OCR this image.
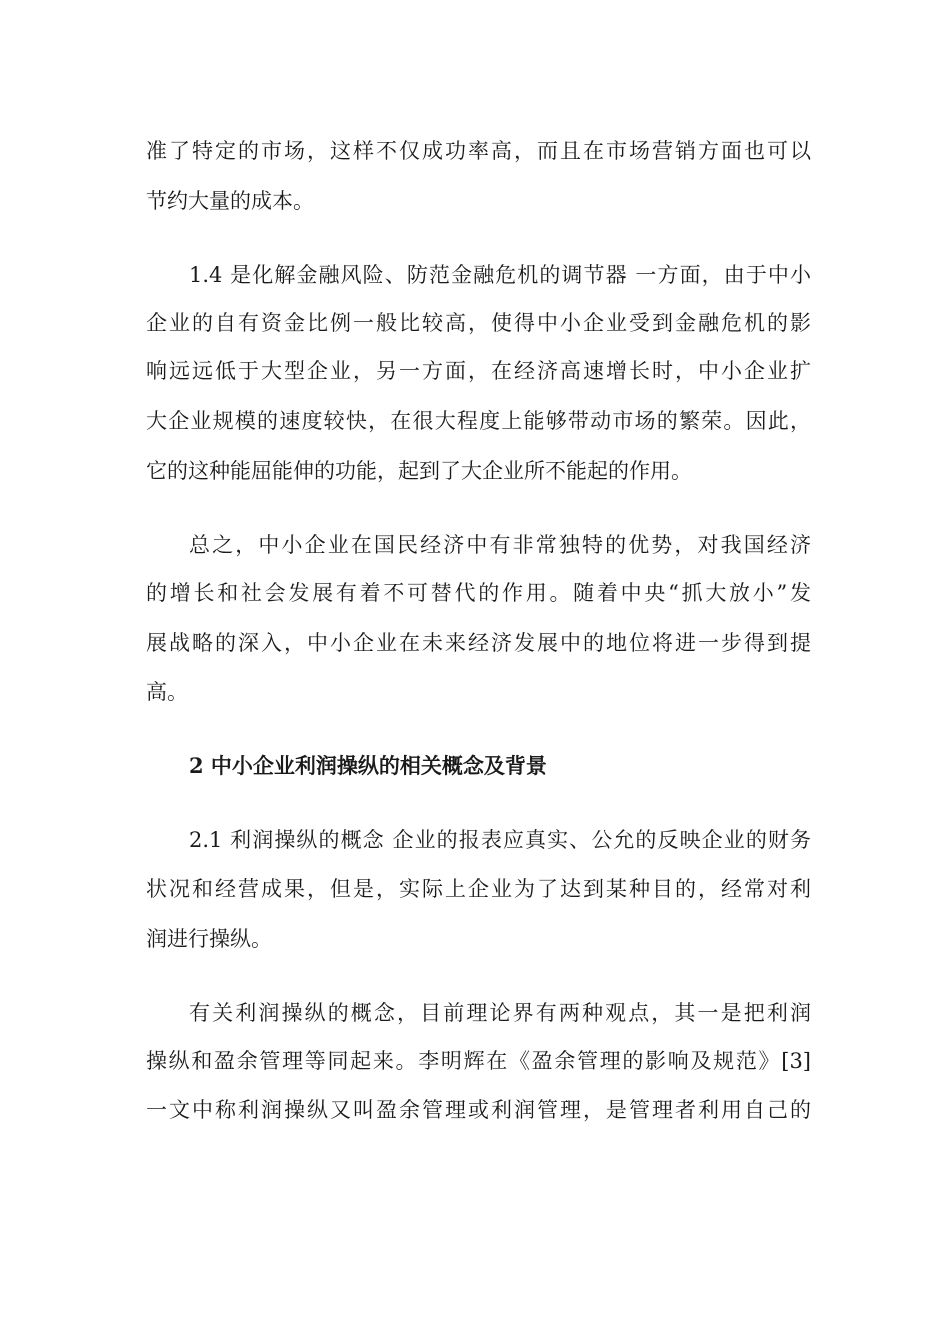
准了特定的市场，这样不仅成功率高，而且在市场营销方面也可以
节约大量的成本。
1.4 是化解金融风险、防范金融危机的调节器 一方面，由于中小
企业的自有资金比例一般比较高，使得中小企业受到金融危机的影
响远远低于大型企业，另一方面，在经济高速增长时，中小企业扩
大企业规模的速度较快，在很大程度上能够带动市场的繁荣。因此，
它的这种能屈能伸的功能，起到了大企业所不能起的作用。
总之，中小企业在国民经济中有非常独特的优势，对我国经济
的增长和社会发展有着不可替代的作用。随着中央“抓大放小”发
展战略的深入，中小企业在未来经济发展中的地位将进一步得到提
高。
2 中小企业利润操纵的相关概念及背景
2.1 利润操纵的概念 企业的报表应真实、公允的反映企业的财务
状况和经营成果，但是，实际上企业为了达到某种目的，经常对利
润进行操纵。
有关利润操纵的概念，目前理论界有两种观点，其一是把利润
操纵和盈余管理等同起来。李明辉在《盈余管理的影响及规范》[3]
一文中称利润操纵又叫盈余管理或利润管理，是管理者利用自己的
